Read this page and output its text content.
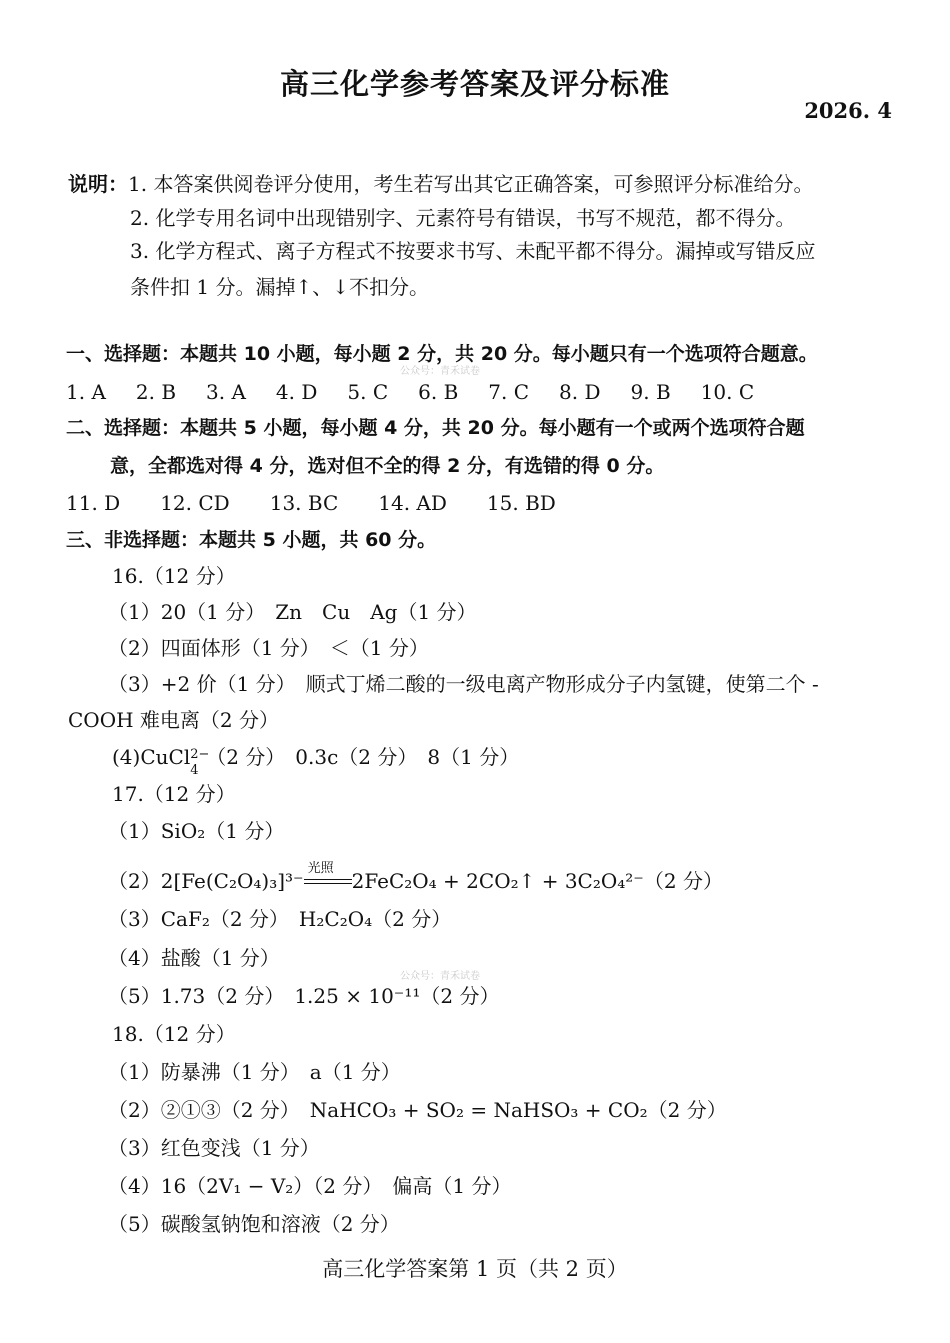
高三化学参考答案及评分标准
2026. 4
说明：1. 本答案供阅卷评分使用，考生若写出其它正确答案，可参照评分标准给分。
2. 化学专用名词中出现错别字、元素符号有错误，书写不规范，都不得分。
3. 化学方程式、离子方程式不按要求书写、未配平都不得分。漏掉或写错反应
条件扣 1 分。漏掉↑、↓不扣分。
一、选择题：本题共 10 小题，每小题 2 分，共 20 分。每小题只有一个选项符合题意。
1. A 2. B 3. A 4. D 5. C 6. B 7. C 8. D 9. B 10. C
公众号：青禾试卷
二、选择题：本题共 5 小题，每小题 4 分，共 20 分。每小题有一个或两个选项符合题
意，全都选对得 4 分，选对但不全的得 2 分，有选错的得 0 分。
11. D 12. CD 13. BC 14. AD 15. BD
三、非选择题：本题共 5 小题，共 60 分。
16.（12 分）
（1）20（1 分）　Zn　Cu　Ag（1 分）
（2）四面体形（1 分）　＜（1 分）
（3）+2 价（1 分）　顺式丁烯二酸的一级电离产物形成分子内氢键，使第二个 -
COOH 难电离（2 分）
(4)CuCl 2−
4
（2 分）　0.3c（2 分）　8（1 分）
17.（12 分）
（1）SiO₂（1 分）
（2）2[Fe(C₂O₄)₃]³⁻
光照
2FeC₂O₄ + 2CO₂↑ + 3C₂O₄²⁻（2 分）
（3）CaF₂（2 分）　H₂C₂O₄（2 分）
（4）盐酸（1 分）
公众号：青禾试卷
（5）1.73（2 分）　1.25 × 10⁻¹¹（2 分）
18.（12 分）
（1）防暴沸（1 分）　a（1 分）
（2）②①③（2 分）　NaHCO₃ + SO₂ = NaHSO₃ + CO₂（2 分）
（3）红色变浅（1 分）
（4）16（2V₁ − V₂）（2 分）　偏高（1 分）
（5）碳酸氢钠饱和溶液（2 分）
高三化学答案第 1 页（共 2 页）
